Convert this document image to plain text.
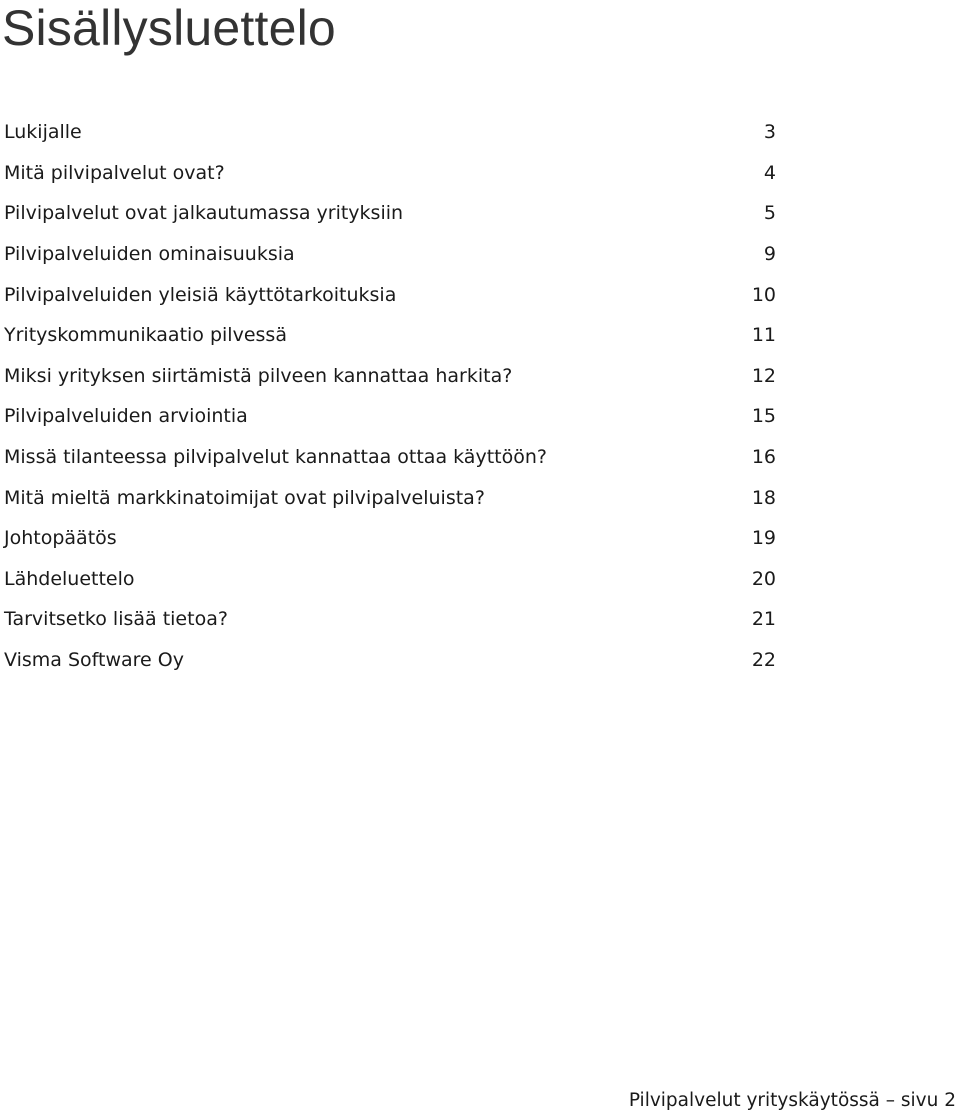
Sisällysluettelo
Lukijalle	3
Mitä pilvipalvelut ovat?	4
Pilvipalvelut ovat jalkautumassa yrityksiin	5
Pilvipalveluiden ominaisuuksia	9
Pilvipalveluiden yleisiä käyttötarkoituksia	10
Yrityskommunikaatio pilvessä	11
Miksi yrityksen siirtämistä pilveen kannattaa harkita?	12
Pilvipalveluiden arviointia	15
Missä tilanteessa pilvipalvelut kannattaa ottaa käyttöön?	16
Mitä mieltä markkinatoimijat ovat pilvipalveluista?	18
Johtopäätös	19
Lähdeluettelo	20
Tarvitsetko lisää tietoa?	21
Visma Software Oy	22
Pilvipalvelut yrityskäytössä – sivu 2
